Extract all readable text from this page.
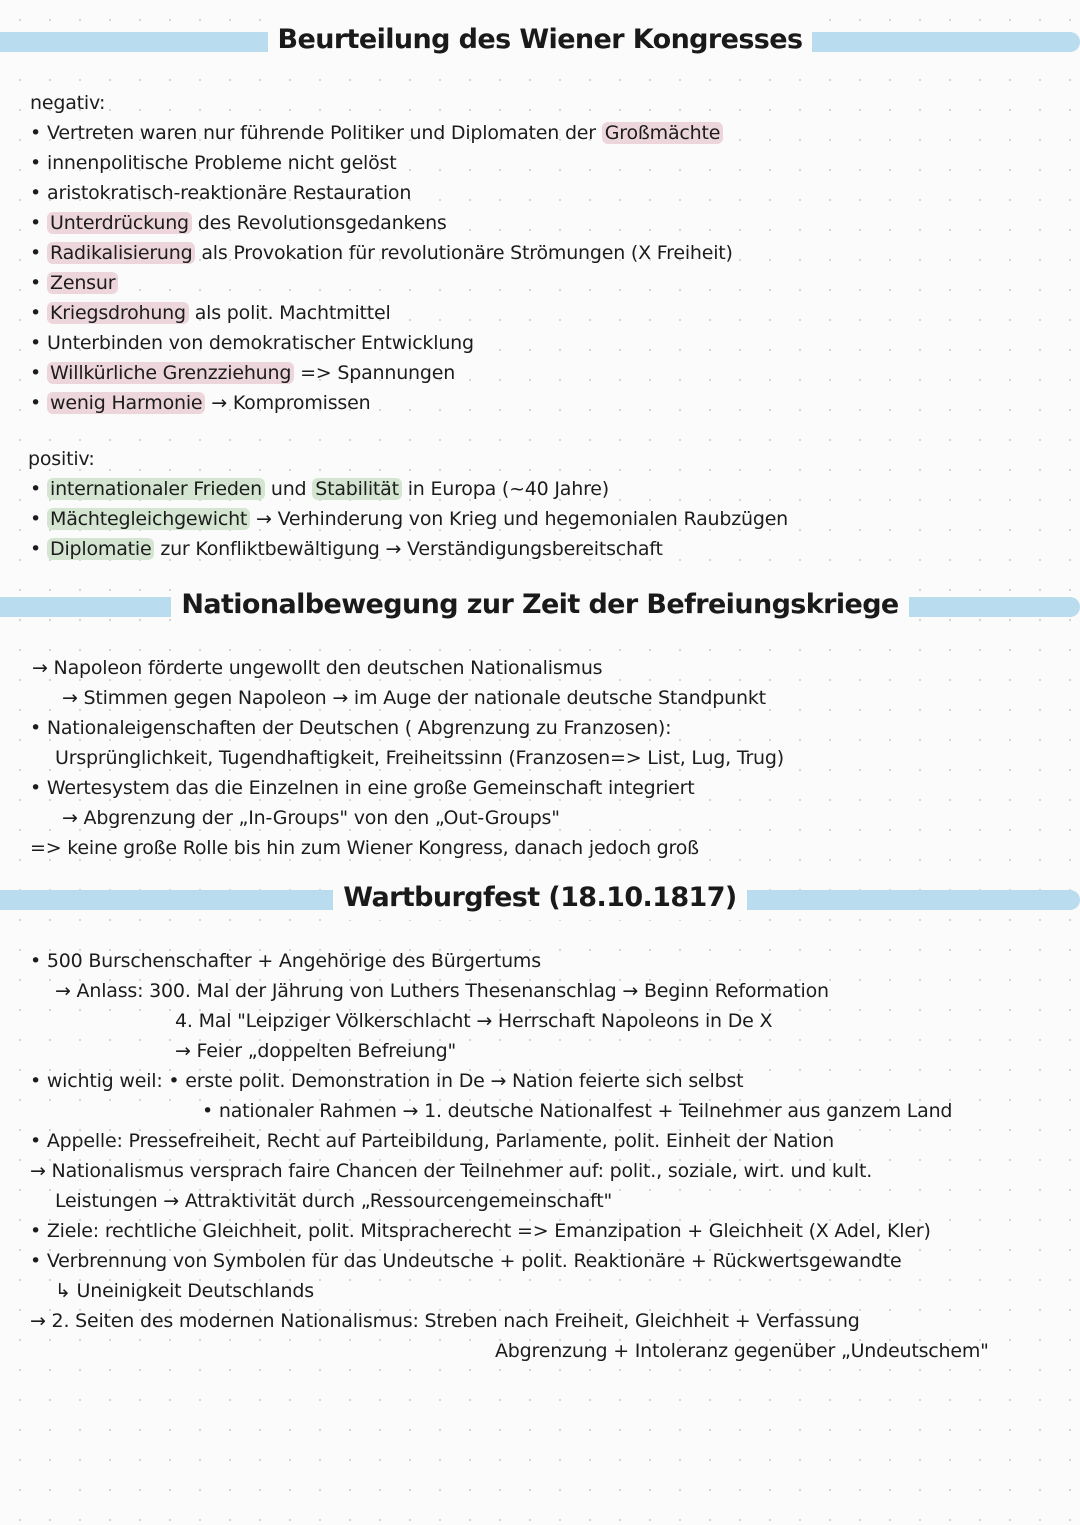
Beurteilung des Wiener Kongresses
negativ:
• Vertreten waren nur führende Politiker und Diplomaten der Großmächte
• innenpolitische Probleme nicht gelöst
• aristokratisch-reaktionäre Restauration
• Unterdrückung des Revolutionsgedankens
• Radikalisierung als Provokation für revolutionäre Strömungen (X Freiheit)
• Zensur
• Kriegsdrohung als polit. Machtmittel
• Unterbinden von demokratischer Entwicklung
• Willkürliche Grenzziehung => Spannungen
• wenig Harmonie → Kompromissen
positiv:
• internationaler Frieden und Stabilität in Europa (~40 Jahre)
• Mächtegleichgewicht → Verhinderung von Krieg und hegemonialen Raubzügen
• Diplomatie zur Konfliktbewältigung → Verständigungsbereitschaft
Nationalbewegung zur Zeit der Befreiungskriege
→ Napoleon förderte ungewollt den deutschen Nationalismus
→ Stimmen gegen Napoleon → im Auge der nationale deutsche Standpunkt
• Nationaleigenschaften der Deutschen ( Abgrenzung zu Franzosen):
Ursprünglichkeit, Tugendhaftigkeit, Freiheitssinn (Franzosen=> List, Lug, Trug)
• Wertesystem das die Einzelnen in eine große Gemeinschaft integriert
→ Abgrenzung der „In-Groups" von den „Out-Groups"
=> keine große Rolle bis hin zum Wiener Kongress, danach jedoch groß
Wartburgfest (18.10.1817)
• 500 Burschenschafter + Angehörige des Bürgertums
→ Anlass: 300. Mal der Jährung von Luthers Thesenanschlag → Beginn Reformation
4. Mal "Leipziger Völkerschlacht → Herrschaft Napoleons in De X
→ Feier „doppelten Befreiung"
• wichtig weil: • erste polit. Demonstration in De → Nation feierte sich selbst
• nationaler Rahmen → 1. deutsche Nationalfest + Teilnehmer aus ganzem Land
• Appelle: Pressefreiheit, Recht auf Parteibildung, Parlamente, polit. Einheit der Nation
→ Nationalismus versprach faire Chancen der Teilnehmer auf: polit., soziale, wirt. und kult.
Leistungen → Attraktivität durch „Ressourcengemeinschaft"
• Ziele: rechtliche Gleichheit, polit. Mitspracherecht => Emanzipation + Gleichheit (X Adel, Kler)
• Verbrennung von Symbolen für das Undeutsche + polit. Reaktionäre + Rückwertsgewandte
↳ Uneinigkeit Deutschlands
→ 2. Seiten des modernen Nationalismus: Streben nach Freiheit, Gleichheit + Verfassung
Abgrenzung + Intoleranz gegenüber „Undeutschem"
